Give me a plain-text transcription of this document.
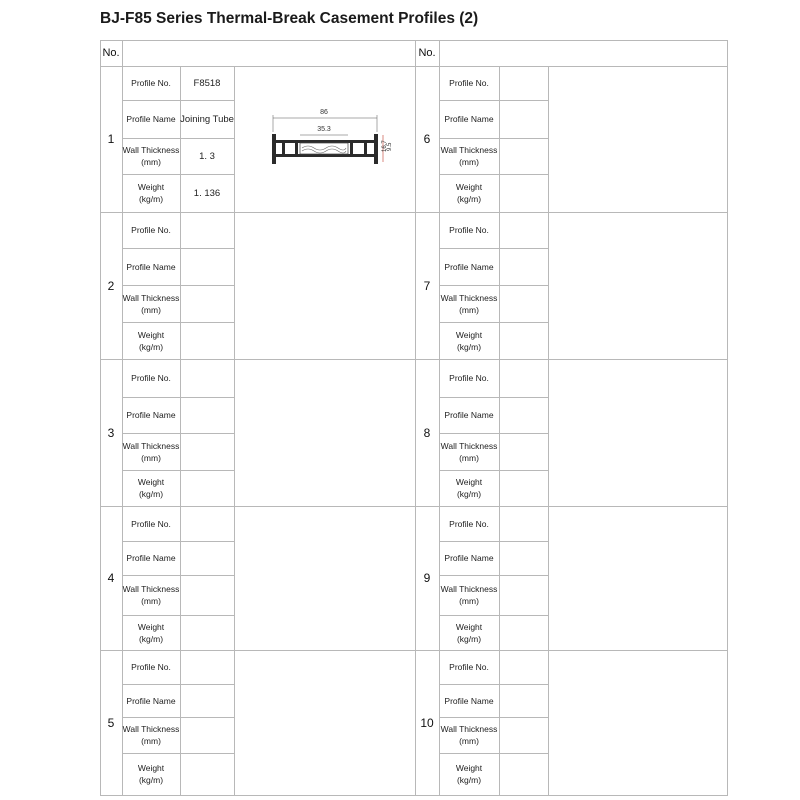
BJ-F85 Series Thermal-Break Casement Profiles (2)
No.	No.
1
Profile No.	F8518
Profile Name Joining Tube
Wall Thickness
(mm)
1. 3
Weight
(kg/m)
1. 136
6
Profile No.
Profile Name
Wall Thickness
(mm)
Weight
(kg/m)
2
Profile No.
Profile Name
Wall Thickness
(mm)
Weight
(kg/m)
7
Profile No.
Profile Name
Wall Thickness
(mm)
Weight
(kg/m)
3
Profile No.
Profile Name
Wall Thickness
(mm)
Weight
(kg/m)
8
Profile No.
Profile Name
Wall Thickness
(mm)
Weight
(kg/m)
4
Profile No.
Profile Name
Wall Thickness
(mm)
Weight
(kg/m)
9
Profile No.
Profile Name
Wall Thickness
(mm)
Weight
(kg/m)
5
Profile No.
Profile Name
Wall Thickness
(mm)
Weight
(kg/m)
10
Profile No.
Profile Name
Wall Thickness
(mm)
Weight
(kg/m)
86
35.3
16.7 9.5
